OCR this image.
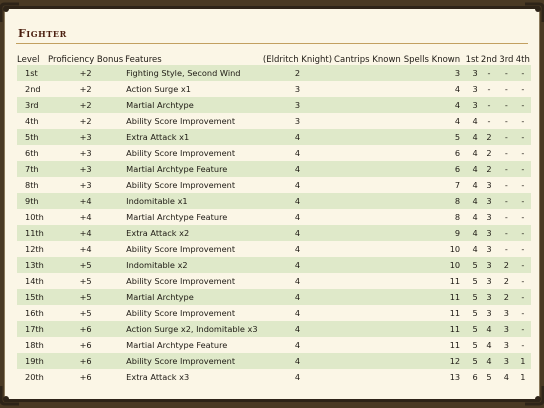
Fighter
Level	Proficiency Bonus	Features	(Eldritch Knight)	Cantrips Known	Spells Known	1st	2nd	3rd	4th
1st	+2	Fighting Style, Second Wind	2		3	3	-	-	-
2nd	+2	Action Surge x1	3		4	3	-	-	-
3rd	+2	Martial Archtype	3		4	3	-	-	-
4th	+2	Ability Score Improvement	3		4	4	-	-	-
5th	+3	Extra Attack x1	4		5	4	2	-	-
6th	+3	Ability Score Improvement	4		6	4	2	-	-
7th	+3	Martial Archtype Feature	4		6	4	2	-	-
8th	+3	Ability Score Improvement	4		7	4	3	-	-
9th	+4	Indomitable x1	4		8	4	3	-	-
10th	+4	Martial Archtype Feature	4		8	4	3	-	-
11th	+4	Extra Attack x2	4		9	4	3	-	-
12th	+4	Ability Score Improvement	4		10	4	3	-	-
13th	+5	Indomitable x2	4		10	5	3	2	-
14th	+5	Ability Score Improvement	4		11	5	3	2	-
15th	+5	Martial Archtype	4		11	5	3	2	-
16th	+5	Ability Score Improvement	4		11	5	3	3	-
17th	+6	Action Surge x2, Indomitable x3	4		11	5	4	3	-
18th	+6	Martial Archtype Feature	4		11	5	4	3	-
19th	+6	Ability Score Improvement	4		12	5	4	3	1
20th	+6	Extra Attack x3	4		13	6	5	4	1
